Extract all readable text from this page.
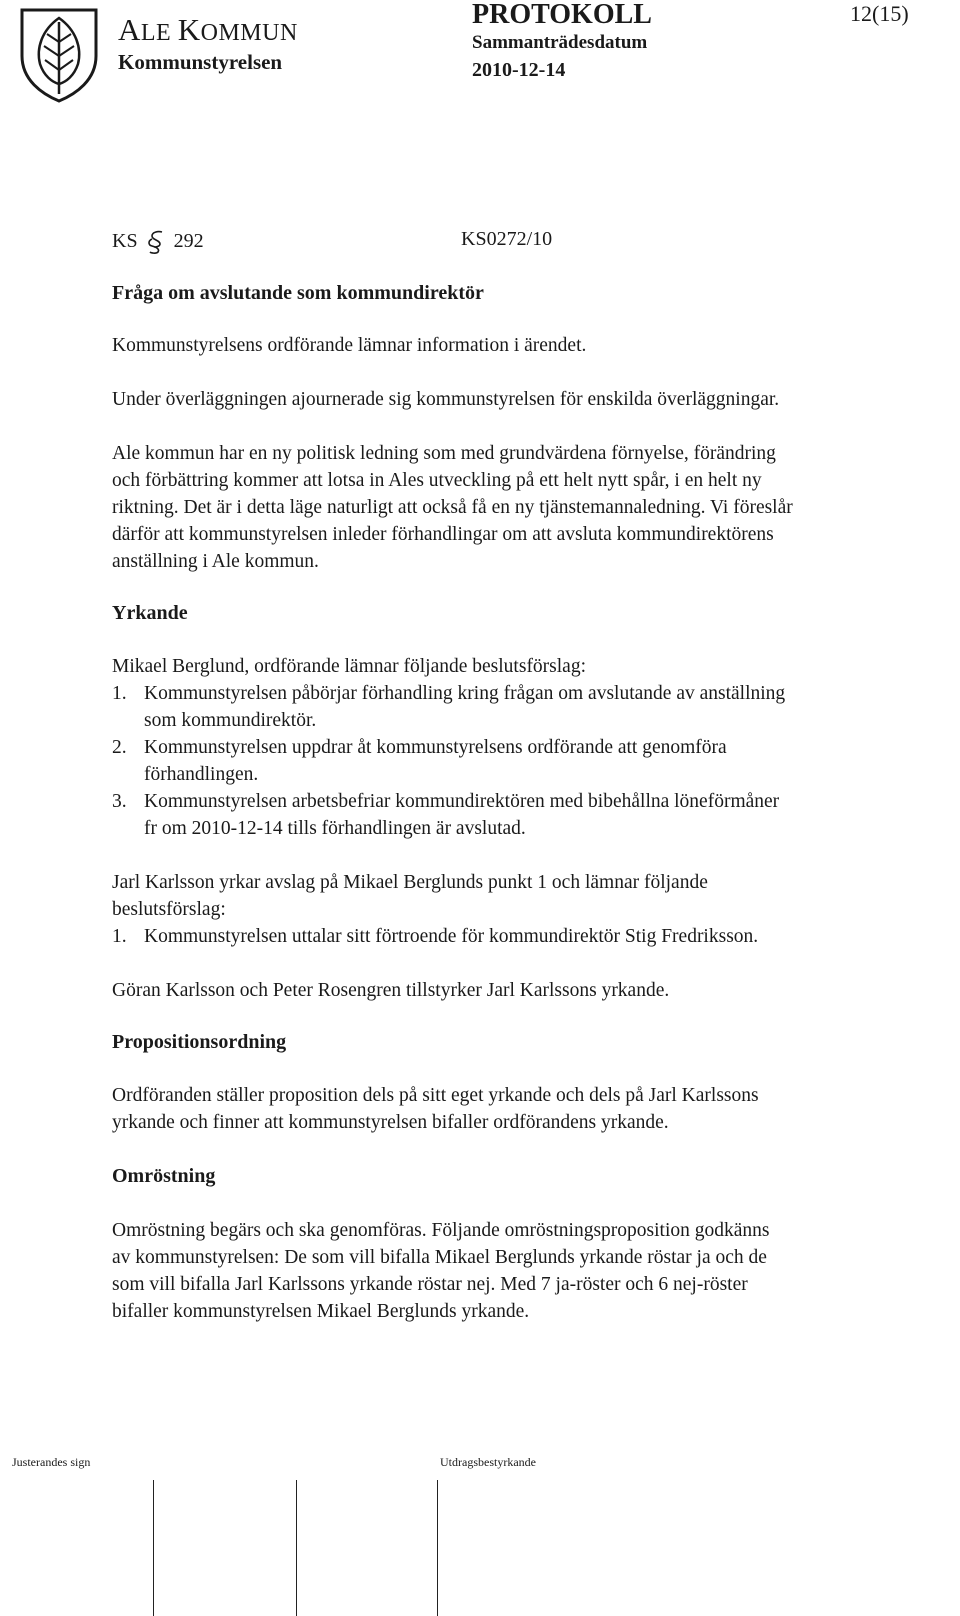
ALE KOMMUN
Kommunstyrelsen
PROTOKOLL
Sammanträdesdatum
2010-12-14
12(15)
KS 292	KS0272/10
Fråga om avslutande som kommundirektör
Kommunstyrelsens ordförande lämnar information i ärendet.
Under överläggningen ajournerade sig kommunstyrelsen för enskilda överläggningar.
Ale kommun har en ny politisk ledning som med grundvärdena förnyelse, förändring
och förbättring kommer att lotsa in Ales utveckling på ett helt nytt spår, i en helt ny
riktning. Det är i detta läge naturligt att också få en ny tjänstemannaledning. Vi föreslår
därför att kommunstyrelsen inleder förhandlingar om att avsluta kommundirektörens
anställning i Ale kommun.
Yrkande
Mikael Berglund, ordförande lämnar följande beslutsförslag:
1. Kommunstyrelsen påbörjar förhandling kring frågan om avslutande av anställning
som kommundirektör.
2. Kommunstyrelsen uppdrar åt kommunstyrelsens ordförande att genomföra
förhandlingen.
3. Kommunstyrelsen arbetsbefriar kommundirektören med bibehållna löneförmåner
fr om 2010-12-14 tills förhandlingen är avslutad.
Jarl Karlsson yrkar avslag på Mikael Berglunds punkt 1 och lämnar följande
beslutsförslag:
1. Kommunstyrelsen uttalar sitt förtroende för kommundirektör Stig Fredriksson.
Göran Karlsson och Peter Rosengren tillstyrker Jarl Karlssons yrkande.
Propositionsordning
Ordföranden ställer proposition dels på sitt eget yrkande och dels på Jarl Karlssons
yrkande och finner att kommunstyrelsen bifaller ordförandens yrkande.
Omröstning
Omröstning begärs och ska genomföras. Följande omröstningsproposition godkänns
av kommunstyrelsen: De som vill bifalla Mikael Berglunds yrkande röstar ja och de
som vill bifalla Jarl Karlssons yrkande röstar nej. Med 7 ja-röster och 6 nej-röster
bifaller kommunstyrelsen Mikael Berglunds yrkande.
Justerandes sign	Utdragsbestyrkande
